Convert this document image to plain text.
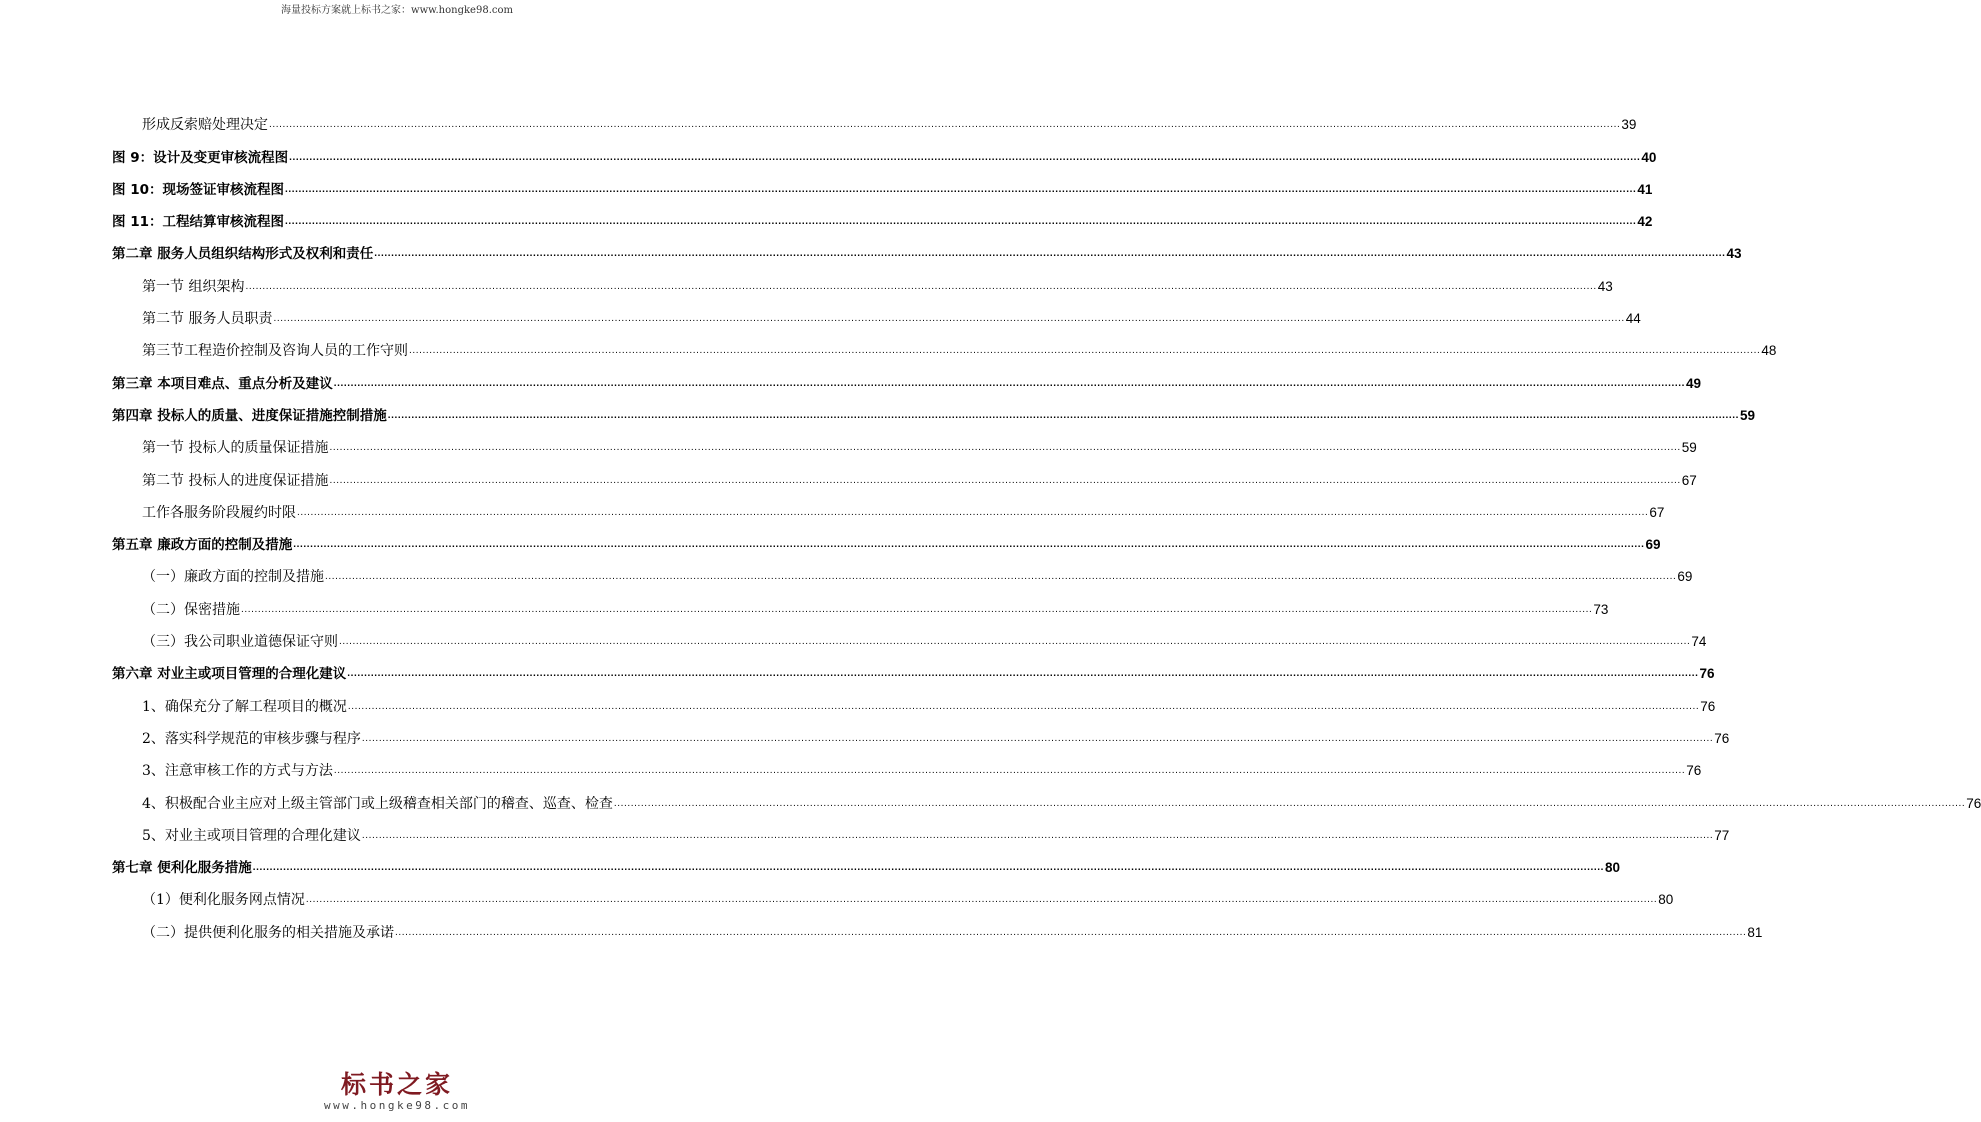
海量投标方案就上标书之家：www.hongke98.com
形成反索赔处理决定 ................................................................................................................................................................................................................................................................................................................................................................................................................ 39
图 9：设计及变更审核流程图 ................................................................................................................................................................................................................................................................................................................................................................................................................ 40
图 10：现场签证审核流程图 ................................................................................................................................................................................................................................................................................................................................................................................................................ 41
图 11：工程结算审核流程图 ................................................................................................................................................................................................................................................................................................................................................................................................................ 42
第二章 服务人员组织结构形式及权利和责任 ................................................................................................................................................................................................................................................................................................................................................................................................................ 43
第一节 组织架构 ................................................................................................................................................................................................................................................................................................................................................................................................................ 43
第二节 服务人员职责 ................................................................................................................................................................................................................................................................................................................................................................................................................ 44
第三节工程造价控制及咨询人员的工作守则 ................................................................................................................................................................................................................................................................................................................................................................................................................ 48
第三章 本项目难点、重点分析及建议 ................................................................................................................................................................................................................................................................................................................................................................................................................ 49
第四章 投标人的质量、进度保证措施控制措施 ................................................................................................................................................................................................................................................................................................................................................................................................................ 59
第一节 投标人的质量保证措施 ................................................................................................................................................................................................................................................................................................................................................................................................................ 59
第二节 投标人的进度保证措施 ................................................................................................................................................................................................................................................................................................................................................................................................................ 67
工作各服务阶段履约时限 ................................................................................................................................................................................................................................................................................................................................................................................................................ 67
第五章 廉政方面的控制及措施 ................................................................................................................................................................................................................................................................................................................................................................................................................ 69
（一）廉政方面的控制及措施 ................................................................................................................................................................................................................................................................................................................................................................................................................ 69
（二）保密措施 ................................................................................................................................................................................................................................................................................................................................................................................................................ 73
（三）我公司职业道德保证守则 ................................................................................................................................................................................................................................................................................................................................................................................................................ 74
第六章 对业主或项目管理的合理化建议 ................................................................................................................................................................................................................................................................................................................................................................................................................ 76
1、确保充分了解工程项目的概况 ................................................................................................................................................................................................................................................................................................................................................................................................................ 76
2、落实科学规范的审核步骤与程序 ................................................................................................................................................................................................................................................................................................................................................................................................................ 76
3、注意审核工作的方式与方法 ................................................................................................................................................................................................................................................................................................................................................................................................................ 76
4、积极配合业主应对上级主管部门或上级稽查相关部门的稽查、巡查、检查 ................................................................................................................................................................................................................................................................................................................................................................................................................ 76
5、对业主或项目管理的合理化建议 ................................................................................................................................................................................................................................................................................................................................................................................................................ 77
第七章 便利化服务措施 ................................................................................................................................................................................................................................................................................................................................................................................................................ 80
（1）便利化服务网点情况 ................................................................................................................................................................................................................................................................................................................................................................................................................ 80
（二）提供便利化服务的相关措施及承诺 ................................................................................................................................................................................................................................................................................................................................................................................................................ 81
标书之家
www.hongke98.com
